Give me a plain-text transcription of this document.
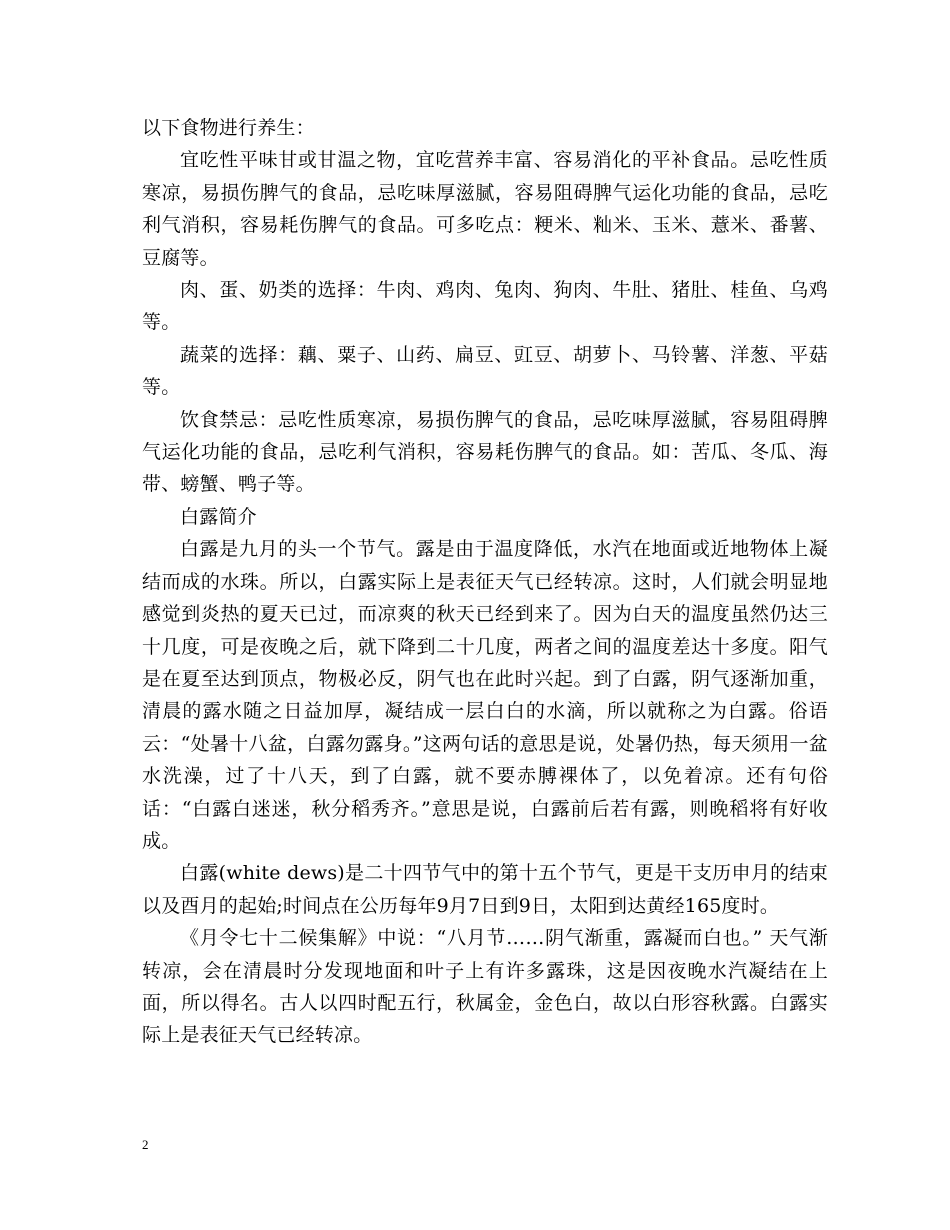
以下食物进行养生：

宜吃性平味甘或甘温之物，宜吃营养丰富、容易消化的平补食品。忌吃性质寒凉，易损伤脾气的食品，忌吃味厚滋腻，容易阻碍脾气运化功能的食品，忌吃利气消积，容易耗伤脾气的食品。可多吃点：粳米、籼米、玉米、薏米、番薯、豆腐等。

肉、蛋、奶类的选择：牛肉、鸡肉、兔肉、狗肉、牛肚、猪肚、桂鱼、乌鸡等。

蔬菜的选择：藕、粟子、山药、扁豆、豇豆、胡萝卜、马铃薯、洋葱、平菇等。

饮食禁忌：忌吃性质寒凉，易损伤脾气的食品，忌吃味厚滋腻，容易阻碍脾气运化功能的食品，忌吃利气消积，容易耗伤脾气的食品。如：苦瓜、冬瓜、海带、螃蟹、鸭子等。

白露简介

白露是九月的头一个节气。露是由于温度降低，水汽在地面或近地物体上凝结而成的水珠。所以，白露实际上是表征天气已经转凉。这时，人们就会明显地感觉到炎热的夏天已过，而凉爽的秋天已经到来了。因为白天的温度虽然仍达三十几度，可是夜晚之后，就下降到二十几度，两者之间的温度差达十多度。阳气是在夏至达到顶点，物极必反，阴气也在此时兴起。到了白露，阴气逐渐加重，清晨的露水随之日益加厚，凝结成一层白白的水滴，所以就称之为白露。俗语云：“处暑十八盆，白露勿露身。”这两句话的意思是说，处暑仍热，每天须用一盆水洗澡，过了十八天，到了白露，就不要赤膊裸体了，以免着凉。还有句俗话：“白露白迷迷，秋分稻秀齐。”意思是说，白露前后若有露，则晚稻将有好收成。

白露(white dews)是二十四节气中的第十五个节气，更是干支历申月的结束以及酉月的起始;时间点在公历每年9月7日到9日，太阳到达黄经165度时。

《月令七十二候集解》中说：“八月节……阴气渐重，露凝而白也。” 天气渐转凉，会在清晨时分发现地面和叶子上有许多露珠，这是因夜晚水汽凝结在上面，所以得名。古人以四时配五行，秋属金，金色白，故以白形容秋露。白露实际上是表征天气已经转凉。

2
